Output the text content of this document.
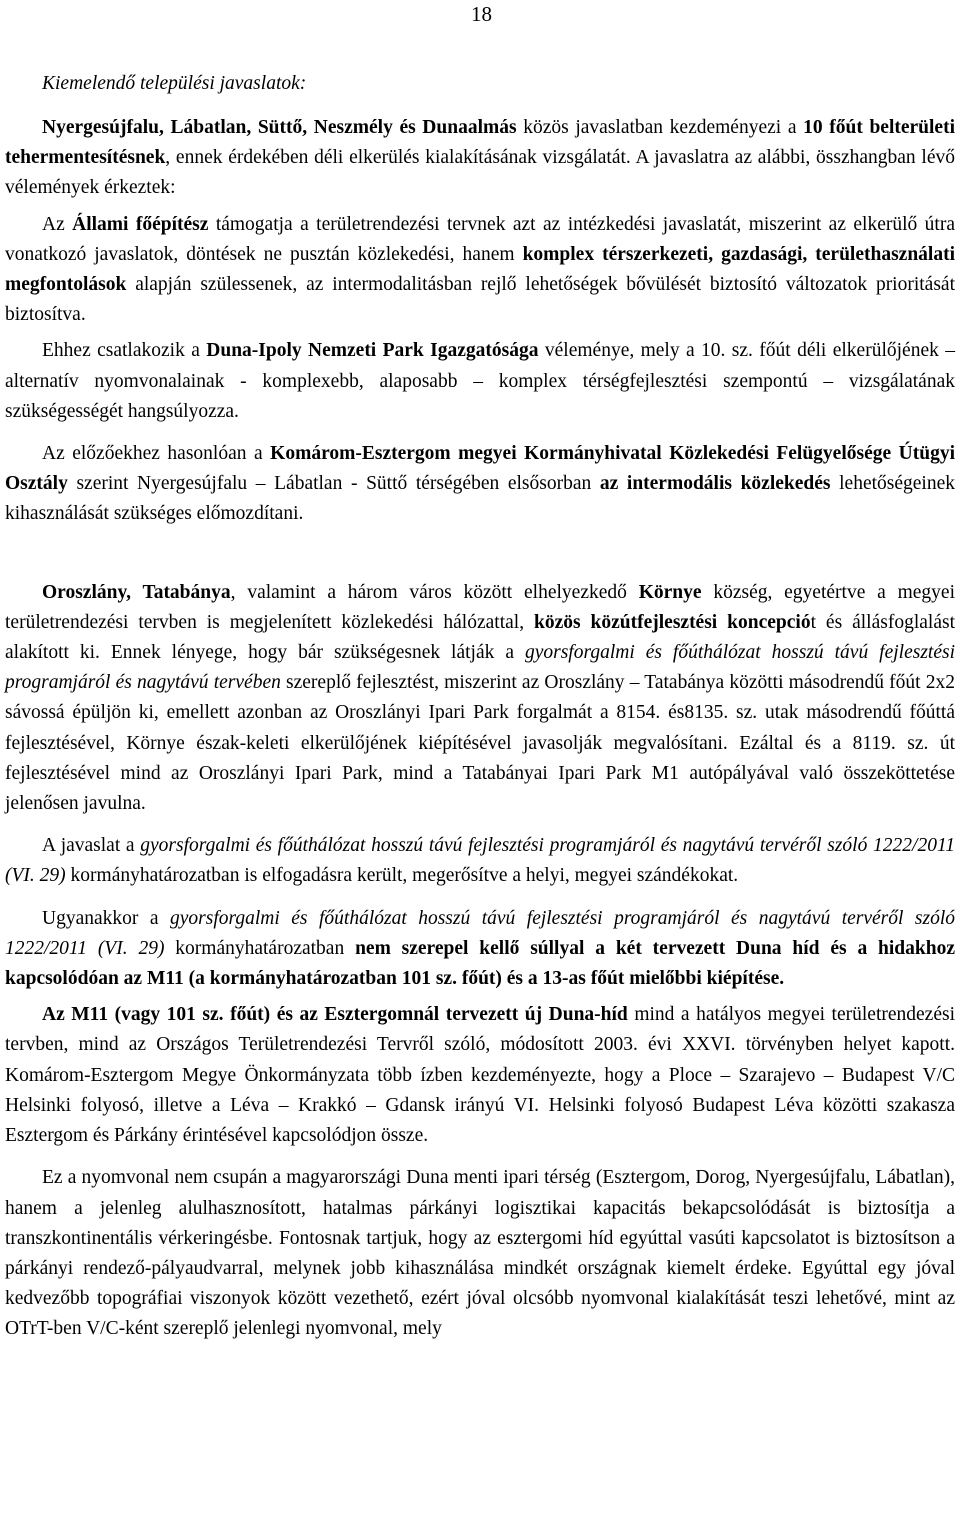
18
Kiemelendő települési javaslatok:

Nyergesújfalu, Lábatlan, Süttő, Neszmély és Dunaalmás közös javaslatban kezdeményezi a 10 főút belterületi tehermentesítésnek, ennek érdekében déli elkerülés kialakításának vizsgálatát. A javaslatra az alábbi, összhangban lévő vélemények érkeztek:

Az Állami főépítész támogatja a területrendezési tervnek azt az intézkedési javaslatát, miszerint az elkerülő útra vonatkozó javaslatok, döntések ne pusztán közlekedési, hanem komplex térszerkezeti, gazdasági, területhasználati megfontolások alapján szülessenek, az intermodalitásban rejlő lehetőségek bővülését biztosító változatok prioritását biztosítva.

Ehhez csatlakozik a Duna-Ipoly Nemzeti Park Igazgatósága véleménye, mely a 10. sz. főút déli elkerülőjének – alternatív nyomvonalainak - komplexebb, alaposabb – komplex térségfejlesztési szempontú – vizsgálatának szükségességét hangsúlyozza.

Az előzőekhez hasonlóan a Komárom-Esztergom megyei Kormányhivatal Közlekedési Felügyelősége Útügyi Osztály szerint Nyergesújfalu – Lábatlan - Süttő térségében elsősorban az intermodális közlekedés lehetőségeinek kihasználását szükséges előmozdítani.

Oroszlány, Tatabánya, valamint a három város között elhelyezkedő Környe község, egyetértve a megyei területrendezési tervben is megjelenített közlekedési hálózattal, közös közútfejlesztési koncepciót és állásfoglalást alakított ki. Ennek lényege, hogy bár szükségesnek látják a gyorsforgalmi és főúthálózat hosszú távú fejlesztési programjáról és nagytávú tervében szereplő fejlesztést, miszerint az Oroszlány – Tatabánya közötti másodrendű főút 2x2 sávossá épüljön ki, emellett azonban az Oroszlányi Ipari Park forgalmát a 8154. és8135. sz. utak másodrendű főúttá fejlesztésével, Környe észak-keleti elkerülőjének kiépítésével javasolják megvalósítani. Ezáltal és a 8119. sz. út fejlesztésével mind az Oroszlányi Ipari Park, mind a Tatabányai Ipari Park M1 autópályával való összeköttetése jelenősen javulna.

A javaslat a gyorsforgalmi és főúthálózat hosszú távú fejlesztési programjáról és nagytávú tervéről szóló 1222/2011 (VI. 29) kormányhatározatban is elfogadásra került, megerősítve a helyi, megyei szándékokat.

Ugyanakkor a gyorsforgalmi és főúthálózat hosszú távú fejlesztési programjáról és nagytávú tervéről szóló 1222/2011 (VI. 29) kormányhatározatban nem szerepel kellő súllyal a két tervezett Duna híd és a hidakhoz kapcsolódóan az M11 (a kormányhatározatban 101 sz. főút) és a 13-as főút mielőbbi kiépítése.

Az M11 (vagy 101 sz. főút) és az Esztergomnál tervezett új Duna-híd mind a hatályos megyei területrendezési tervben, mind az Országos Területrendezési Tervről szóló, módosított 2003. évi XXVI. törvényben helyet kapott. Komárom-Esztergom Megye Önkormányzata több ízben kezdeményezte, hogy a Ploce – Szarajevo – Budapest V/C Helsinki folyosó, illetve a Léva – Krakkó – Gdansk irányú VI. Helsinki folyosó Budapest Léva közötti szakasza Esztergom és Párkány érintésével kapcsolódjon össze.

Ez a nyomvonal nem csupán a magyarországi Duna menti ipari térség (Esztergom, Dorog, Nyergesújfalu, Lábatlan), hanem a jelenleg alulhasznosított, hatalmas párkányi logisztikai kapacitás bekapcsolódását is biztosítja a transzkontinentális vérkeringésbe. Fontosnak tartjuk, hogy az esztergomi híd egyúttal vasúti kapcsolatot is biztosítson a párkányi rendező-pályaudvarral, melynek jobb kihasználása mindkét országnak kiemelt érdeke. Egyúttal egy jóval kedvezőbb topográfiai viszonyok között vezethető, ezért jóval olcsóbb nyomvonal kialakítását teszi lehetővé, mint az OTrT-ben V/C-ként szereplő jelenlegi nyomvonal, mely
